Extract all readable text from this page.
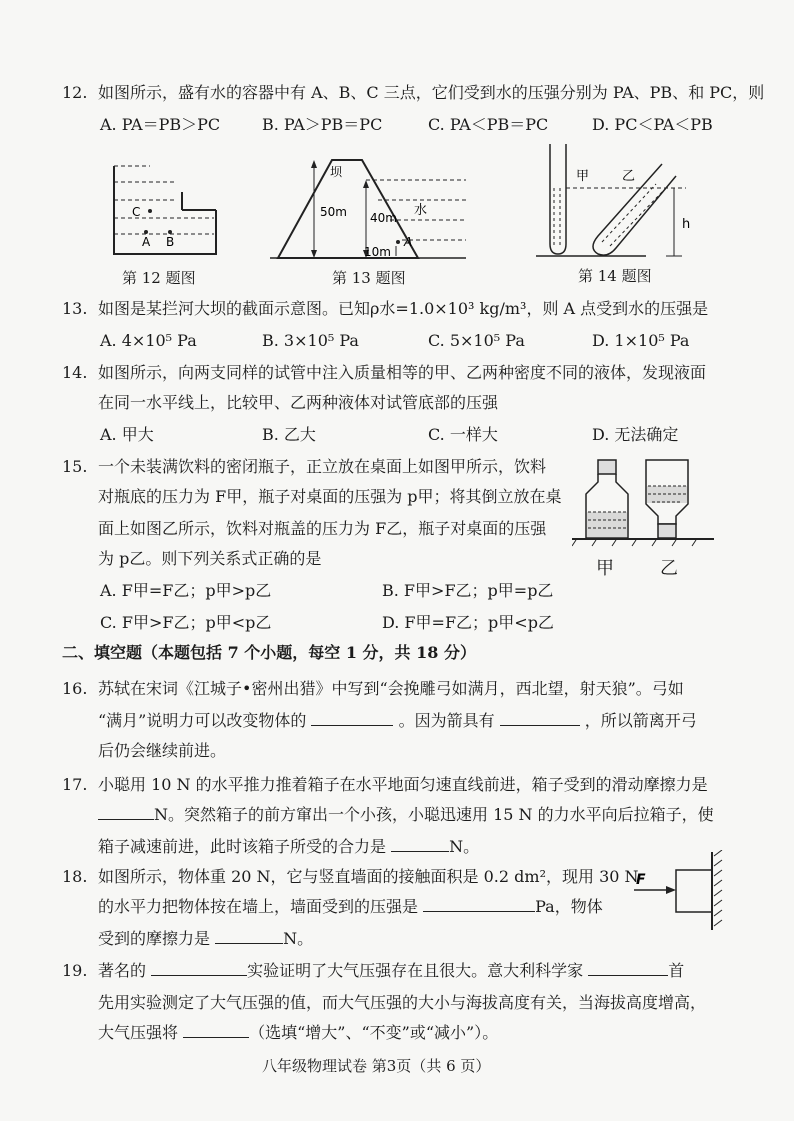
12. 如图所示，盛有水的容器中有 A、B、C 三点，它们受到水的压强分别为 PA、PB、和 PC，则
A. PA＝PB＞PC	B. PA＞PB＝PC	C. PA＜PB＝PC	D. PC＜PA＜PB
C
A B
第 12 题图
坝
50m 40m 水
10m
A
第 13 题图
甲	乙
h
第 14 题图
13. 如图是某拦河大坝的截面示意图。已知ρ水=1.0×10³ kg/m³，则 A 点受到水的压强是
A. 4×10⁵ Pa	B. 3×10⁵ Pa	C. 5×10⁵ Pa	D. 1×10⁵ Pa
14. 如图所示，向两支同样的试管中注入质量相等的甲、乙两种密度不同的液体，发现液面
在同一水平线上，比较甲、乙两种液体对试管底部的压强
A. 甲大	B. 乙大	C. 一样大	D. 无法确定
15. 一个未装满饮料的密闭瓶子，正立放在桌面上如图甲所示，饮料
对瓶底的压力为 F甲，瓶子对桌面的压强为 p甲；将其倒立放在桌
面上如图乙所示，饮料对瓶盖的压力为 F乙，瓶子对桌面的压强
为 p乙。则下列关系式正确的是
A. F甲=F乙；p甲>p乙	B. F甲>F乙；p甲=p乙
C. F甲>F乙；p甲<p乙	D. F甲=F乙；p甲<p乙
甲	乙
二、填空题（本题包括 7 个小题，每空 1 分，共 18 分）
16. 苏轼在宋词《江城子•密州出猎》中写到“会挽雕弓如满月，西北望，射天狼”。弓如
“满月”说明力可以改变物体的	。因为箭具有	，所以箭离开弓
后仍会继续前进。
17. 小聪用 10 N 的水平推力推着箱子在水平地面匀速直线前进，箱子受到的滑动摩擦力是
N。突然箱子的前方窜出一个小孩，小聪迅速用 15 N 的力水平向后拉箱子，使
箱子减速前进，此时该箱子所受的合力是	N。
18. 如图所示，物体重 20 N，它与竖直墙面的接触面积是 0.2 dm²，现用 30 N
的水平力把物体按在墙上，墙面受到的压强是	Pa，物体
受到的摩擦力是	N。
F
19. 著名的	实验证明了大气压强存在且很大。意大利科学家	首
先用实验测定了大气压强的值，而大气压强的大小与海拔高度有关，当海拔高度增高，
大气压强将	（选填“增大”、“不变”或“减小”）。
八年级物理试卷 第3页（共 6 页）
